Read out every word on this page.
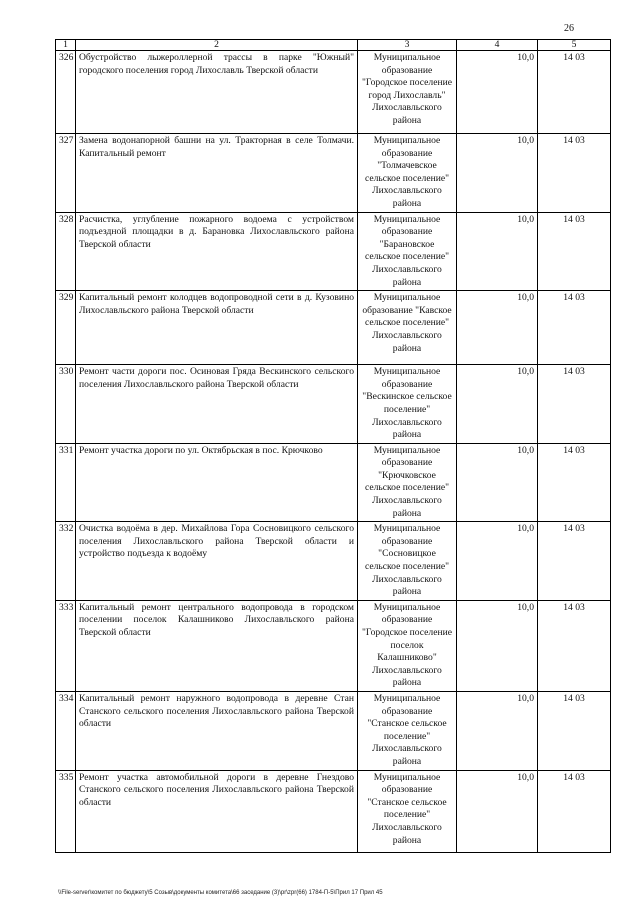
26
1	2	3	4	5
326	Обустройство лыжероллерной трассы в парке "Южный" городского поселения город Лихославль Тверской области	Муниципальное образование "Городское поселение город Лихославль" Лихославльского района	10,0	14 03
327	Замена водонапорной башни на ул. Тракторная в селе Толмачи. Капитальный ремонт	Муниципальное образование "Толмачевское сельское поселение" Лихославльского района	10,0	14 03
328	Расчистка, углубление пожарного водоема с устройством подъездной площадки в д. Барановка Лихославльского района Тверской области	Муниципальное образование "Барановское сельское поселение" Лихославльского района	10,0	14 03
329	Капитальный ремонт колодцев водопроводной сети в д. Кузовино Лихославльского района Тверской области	Муниципальное образование "Кавское сельское поселение" Лихославльского района	10,0	14 03
330	Ремонт части дороги пос. Осиновая Гряда Вескинского сельского поселения Лихославльского района Тверской области	Муниципальное образование "Вескинское сельское поселение" Лихославльского района	10,0	14 03
331	Ремонт участка дороги по ул. Октябрьская в пос. Крючково	Муниципальное образование "Крючковское сельское поселение" Лихославльского района	10,0	14 03
332	Очистка водоёма в дер. Михайлова Гора Сосновицкого сельского поселения Лихославльского района Тверской области и устройство подъезда к водоёму	Муниципальное образование "Сосновицкое сельское поселение" Лихославльского района	10,0	14 03
333	Капитальный ремонт центрального водопровода в городском поселении поселок Калашниково Лихославльского района Тверской области	Муниципальное образование "Городское поселение поселок Калашниково" Лихославльского района	10,0	14 03
334	Капитальный ремонт наружного водопровода в деревне Стан Станского сельского поселения Лихославльского района Тверской области	Муниципальное образование "Станское сельское поселение" Лихославльского района	10,0	14 03
335	Ремонт участка автомобильной дороги в деревне Гнездово Станского сельского поселения Лихославльского района Тверской области	Муниципальное образование "Станское сельское поселение" Лихославльского района	10,0	14 03
\\File-server\комитет по бюджету\5 Созыв\документы комитета\66 заседание (3)\pr\zpr(66) 1784-П-5\Прил 17 Прил 45
